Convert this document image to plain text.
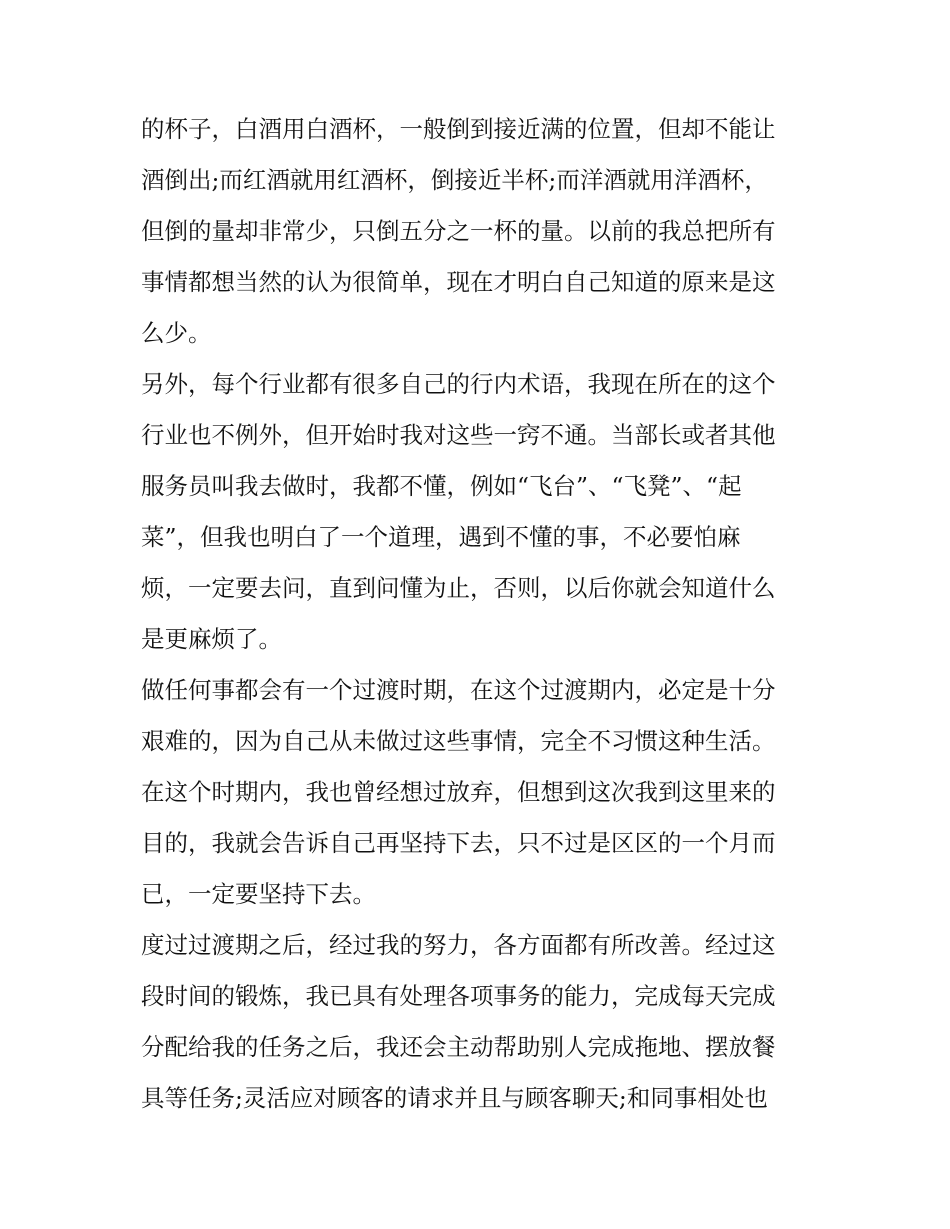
的杯子，白酒用白酒杯，一般倒到接近满的位置，但却不能让
酒倒出;而红酒就用红酒杯，倒接近半杯;而洋酒就用洋酒杯，
但倒的量却非常少，只倒五分之一杯的量。以前的我总把所有
事情都想当然的认为很简单，现在才明白自己知道的原来是这
么少。
另外，每个行业都有很多自己的行内术语，我现在所在的这个
行业也不例外，但开始时我对这些一窍不通。当部长或者其他
服务员叫我去做时，我都不懂，例如“飞台”、“飞凳”、“起
菜”，但我也明白了一个道理，遇到不懂的事，不必要怕麻
烦，一定要去问，直到问懂为止，否则，以后你就会知道什么
是更麻烦了。
做任何事都会有一个过渡时期，在这个过渡期内，必定是十分
艰难的，因为自己从未做过这些事情，完全不习惯这种生活。
在这个时期内，我也曾经想过放弃，但想到这次我到这里来的
目的，我就会告诉自己再坚持下去，只不过是区区的一个月而
已，一定要坚持下去。
度过过渡期之后，经过我的努力，各方面都有所改善。经过这
段时间的锻炼，我已具有处理各项事务的能力，完成每天完成
分配给我的任务之后，我还会主动帮助别人完成拖地、摆放餐
具等任务;灵活应对顾客的请求并且与顾客聊天;和同事相处也
